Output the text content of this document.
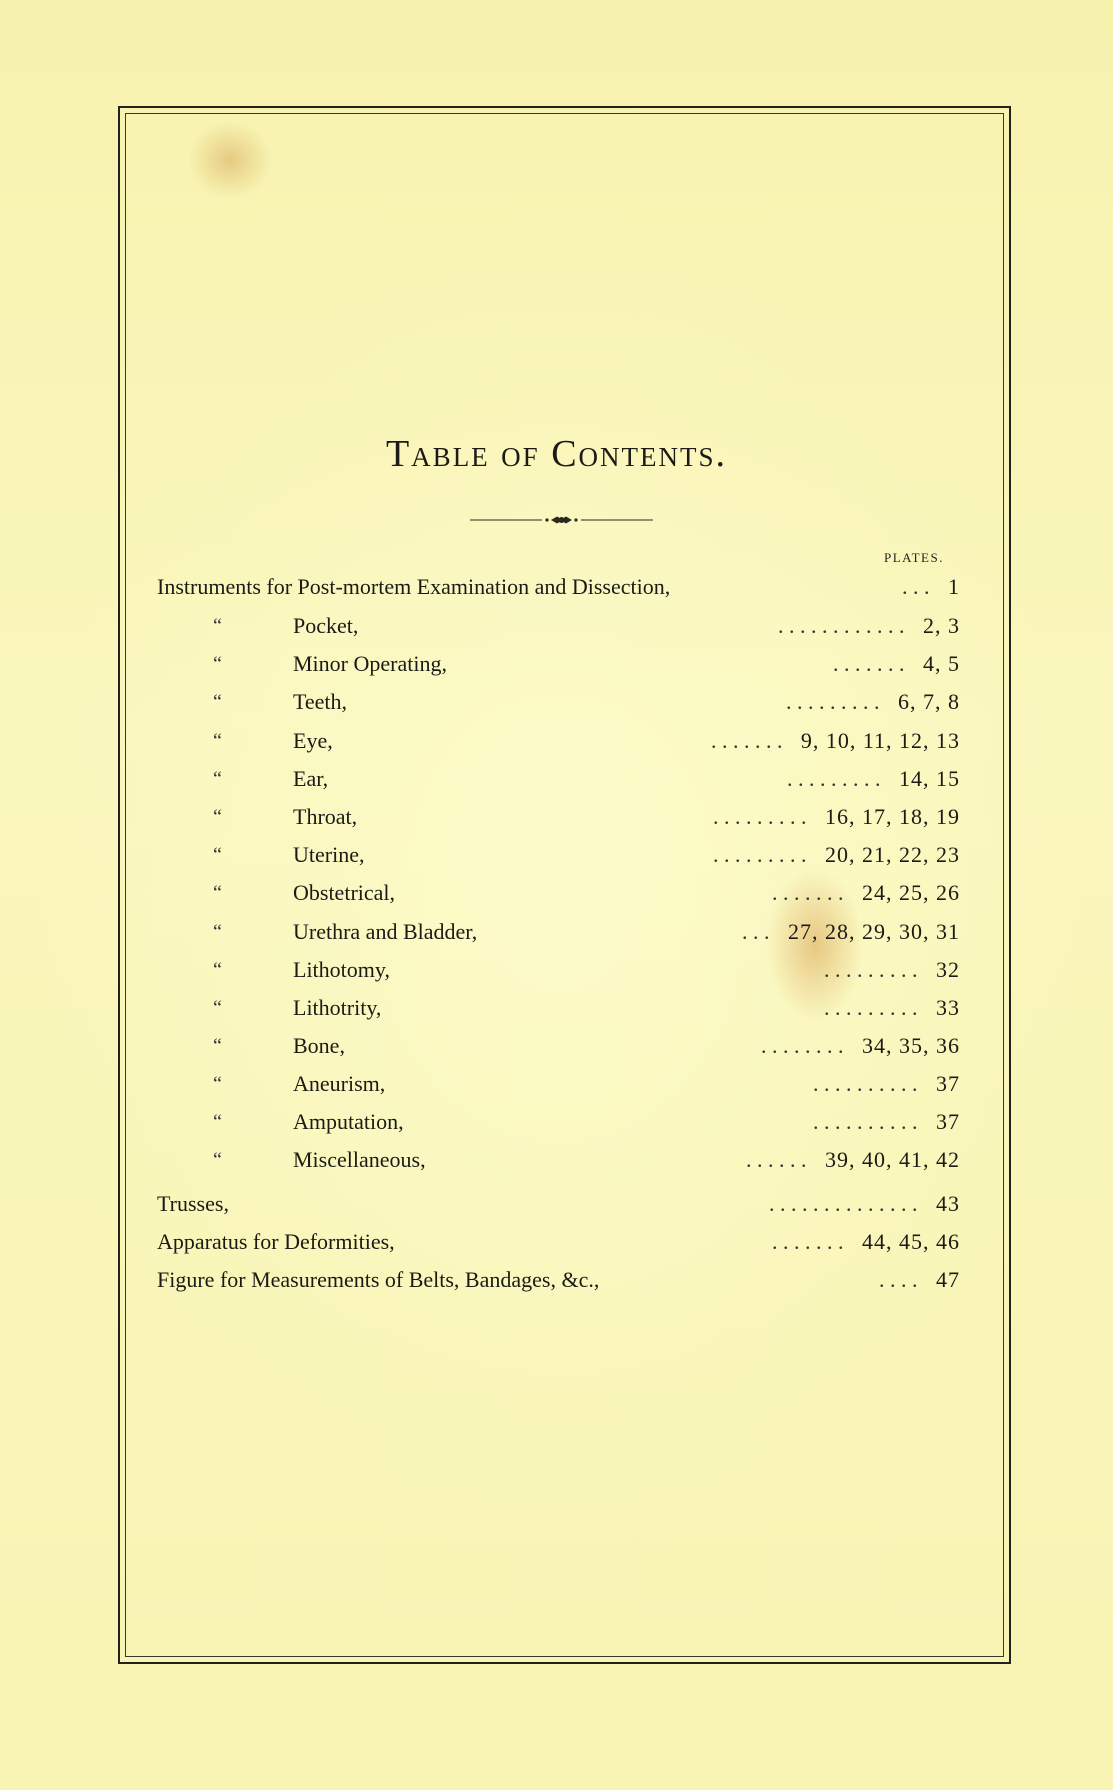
Table of Contents.
PLATES.
Instruments for Post-mortem Examination and Dissection,	. . . 1
“	Pocket,	. . . . . . . . . . . . 2, 3
“	Minor Operating,	. . . . . . . 4, 5
“	Teeth,	. . . . . . . . . 6, 7, 8
“	Eye,	. . . . . . . 9, 10, 11, 12, 13
“	Ear,	. . . . . . . . . 14, 15
“	Throat,	. . . . . . . . . 16, 17, 18, 19
“	Uterine,	. . . . . . . . . 20, 21, 22, 23
“	Obstetrical,	. . . . . . . 24, 25, 26
“	Urethra and Bladder,	. . . 27, 28, 29, 30, 31
“	Lithotomy,	. . . . . . . . . 32
“	Lithotrity,	. . . . . . . . . 33
“	Bone,	. . . . . . . . 34, 35, 36
“	Aneurism,	. . . . . . . . . . 37
“	Amputation,	. . . . . . . . . . 37
“	Miscellaneous,	. . . . . . 39, 40, 41, 42
Trusses,	. . . . . . . . . . . . . . 43
Apparatus for Deformities,	. . . . . . . 44, 45, 46
Figure for Measurements of Belts, Bandages, &c.,	. . . . 47
